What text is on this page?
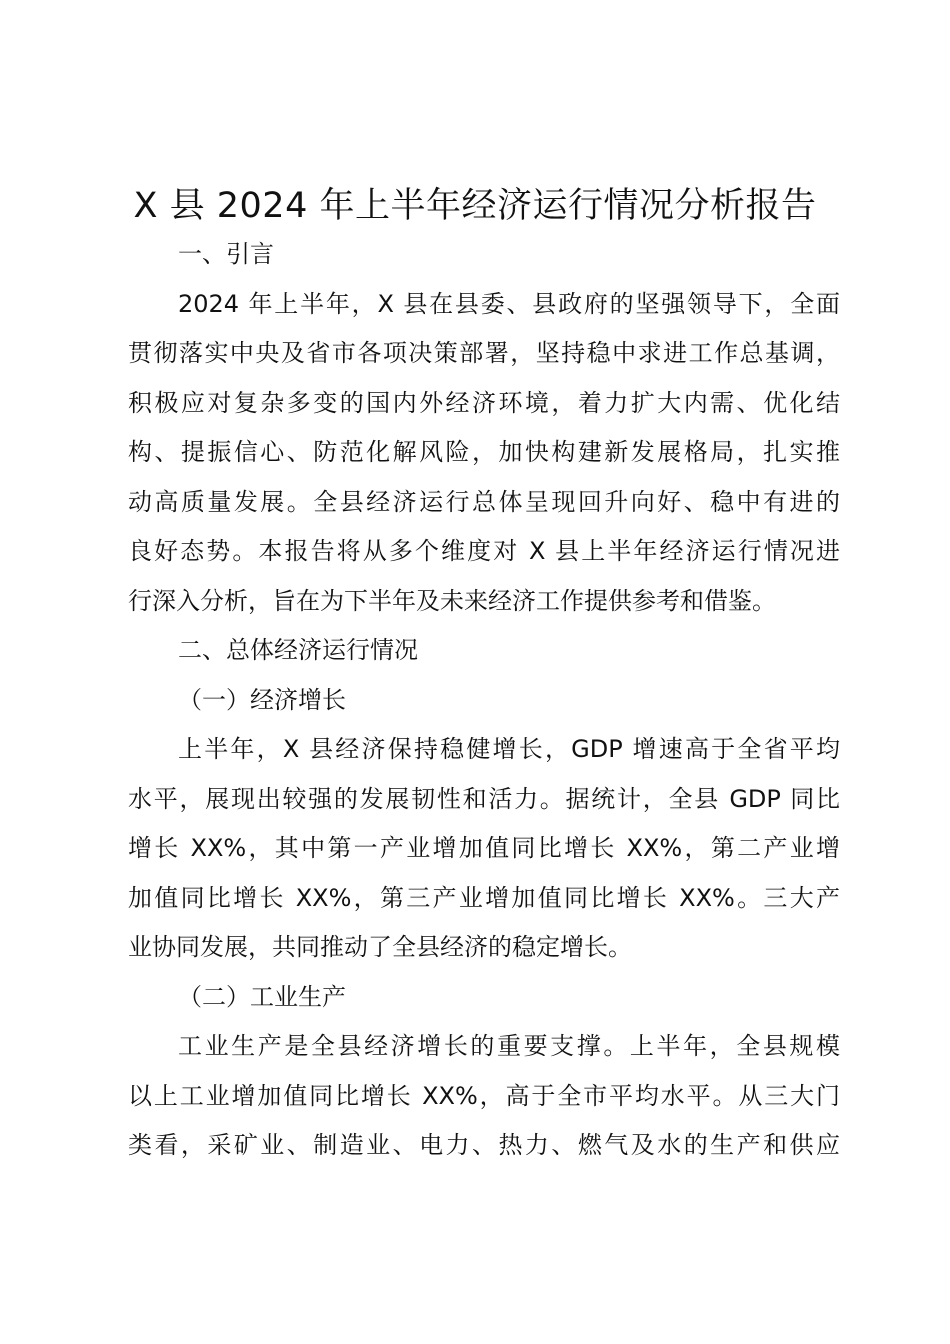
X 县 2024 年上半年经济运行情况分析报告
一、引言
2024 年上半年，X 县在县委、县政府的坚强领导下，全面
贯彻落实中央及省市各项决策部署，坚持稳中求进工作总基调，
积极应对复杂多变的国内外经济环境，着力扩大内需、优化结
构、提振信心、防范化解风险，加快构建新发展格局，扎实推
动高质量发展。全县经济运行总体呈现回升向好、稳中有进的
良好态势。本报告将从多个维度对 X 县上半年经济运行情况进
行深入分析，旨在为下半年及未来经济工作提供参考和借鉴。
二、总体经济运行情况
（一）经济增长
上半年，X 县经济保持稳健增长，GDP 增速高于全省平均
水平，展现出较强的发展韧性和活力。据统计，全县 GDP 同比
增长 XX%，其中第一产业增加值同比增长 XX%，第二产业增
加值同比增长 XX%，第三产业增加值同比增长 XX%。三大产
业协同发展，共同推动了全县经济的稳定增长。
（二）工业生产
工业生产是全县经济增长的重要支撑。上半年，全县规模
以上工业增加值同比增长 XX%，高于全市平均水平。从三大门
类看，采矿业、制造业、电力、热力、燃气及水的生产和供应
